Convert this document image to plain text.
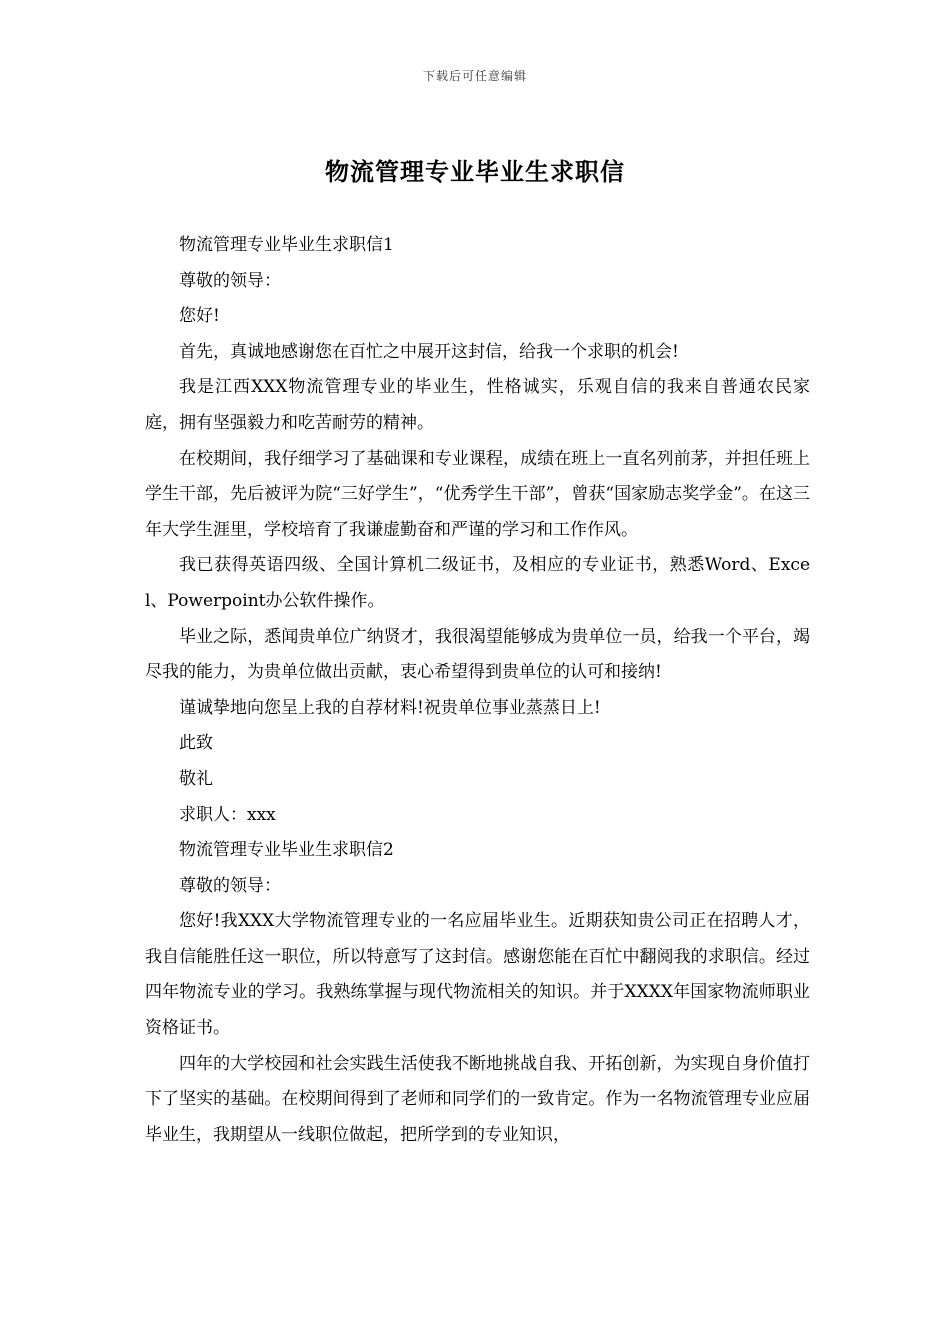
下载后可任意编辑
物流管理专业毕业生求职信

物流管理专业毕业生求职信1

尊敬的领导：

您好!

首先，真诚地感谢您在百忙之中展开这封信，给我一个求职的机会!

我是江西XXX物流管理专业的毕业生，性格诚实，乐观自信的我来自普通农民家庭，拥有坚强毅力和吃苦耐劳的精神。

在校期间，我仔细学习了基础课和专业课程，成绩在班上一直名列前茅，并担任班上学生干部，先后被评为院“三好学生”，“优秀学生干部”，曾获“国家励志奖学金”。在这三年大学生涯里，学校培育了我谦虚勤奋和严谨的学习和工作作风。

我已获得英语四级、全国计算机二级证书，及相应的专业证书，熟悉Word、Excel、Powerpoint办公软件操作。

毕业之际，悉闻贵单位广纳贤才，我很渴望能够成为贵单位一员，给我一个平台，竭尽我的能力，为贵单位做出贡献，衷心希望得到贵单位的认可和接纳!

谨诚挚地向您呈上我的自荐材料!祝贵单位事业蒸蒸日上!

此致

敬礼

求职人：xxx

物流管理专业毕业生求职信2

尊敬的领导：

您好!我XXX大学物流管理专业的一名应届毕业生。近期获知贵公司正在招聘人才，我自信能胜任这一职位，所以特意写了这封信。感谢您能在百忙中翻阅我的求职信。经过四年物流专业的学习。我熟练掌握与现代物流相关的知识。并于XXXX年国家物流师职业资格证书。

四年的大学校园和社会实践生活使我不断地挑战自我、开拓创新，为实现自身价值打下了坚实的基础。在校期间得到了老师和同学们的一致肯定。作为一名物流管理专业应届毕业生，我期望从一线职位做起，把所学到的专业知识，
